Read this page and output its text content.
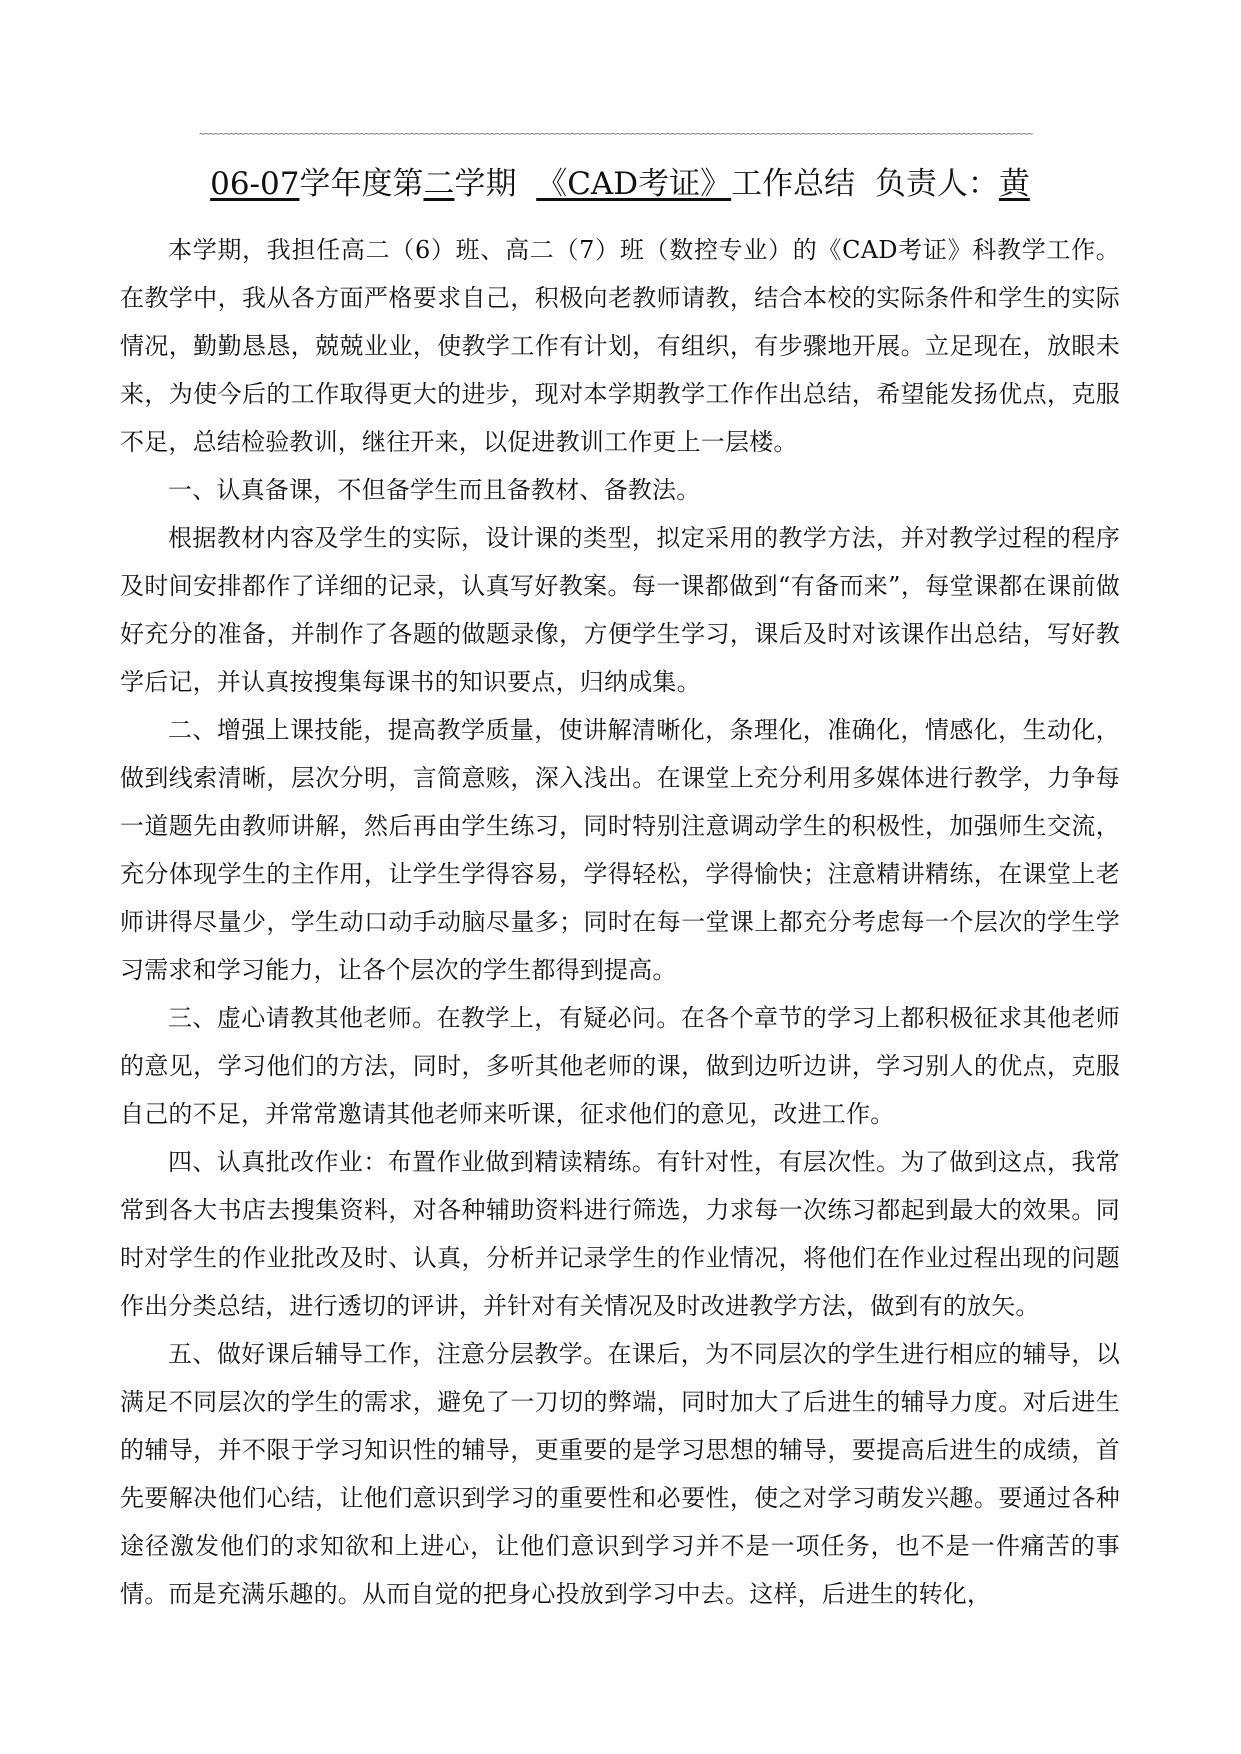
~~~~~~~~~~~~~~~~~~~~~~~~~~~~~~~~~~~~~~~~~~~~~~~~~~~~~~~~~~~~~~~~~~~~~~~~~~~~~~~~~~~~~~~~~~~~~~~~~~~~~~~~~~~~~~~~~~~~~~~~~~~~~~~~~~~~~~~~~~~~~~~~~~~~~~~~~~~~~~~~~~~~~~
06-07学年度第二学期 《CAD考证》工作总结 负责人：黄

本学期，我担任高二（6）班、高二（7）班（数控专业）的《CAD考证》科教学工作。在教学中，我从各方面严格要求自己，积极向老教师请教，结合本校的实际条件和学生的实际情况，勤勤恳恳，兢兢业业，使教学工作有计划，有组织，有步骤地开展。立足现在，放眼未来，为使今后的工作取得更大的进步，现对本学期教学工作作出总结，希望能发扬优点，克服不足，总结检验教训，继往开来，以促进教训工作更上一层楼。

一、认真备课，不但备学生而且备教材、备教法。

根据教材内容及学生的实际，设计课的类型，拟定采用的教学方法，并对教学过程的程序及时间安排都作了详细的记录，认真写好教案。每一课都做到“有备而来”，每堂课都在课前做好充分的准备，并制作了各题的做题录像，方便学生学习，课后及时对该课作出总结，写好教学后记，并认真按搜集每课书的知识要点，归纳成集。

二、增强上课技能，提高教学质量，使讲解清晰化，条理化，准确化，情感化，生动化，做到线索清晰，层次分明，言简意赅，深入浅出。在课堂上充分利用多媒体进行教学，力争每一道题先由教师讲解，然后再由学生练习，同时特别注意调动学生的积极性，加强师生交流，充分体现学生的主作用，让学生学得容易，学得轻松，学得愉快；注意精讲精练，在课堂上老师讲得尽量少，学生动口动手动脑尽量多；同时在每一堂课上都充分考虑每一个层次的学生学习需求和学习能力，让各个层次的学生都得到提高。

三、虚心请教其他老师。在教学上，有疑必问。在各个章节的学习上都积极征求其他老师的意见，学习他们的方法，同时，多听其他老师的课，做到边听边讲，学习别人的优点，克服自己的不足，并常常邀请其他老师来听课，征求他们的意见，改进工作。

四、认真批改作业：布置作业做到精读精练。有针对性，有层次性。为了做到这点，我常常到各大书店去搜集资料，对各种辅助资料进行筛选，力求每一次练习都起到最大的效果。同时对学生的作业批改及时、认真，分析并记录学生的作业情况，将他们在作业过程出现的问题作出分类总结，进行透切的评讲，并针对有关情况及时改进教学方法，做到有的放矢。

五、做好课后辅导工作，注意分层教学。在课后，为不同层次的学生进行相应的辅导，以满足不同层次的学生的需求，避免了一刀切的弊端，同时加大了后进生的辅导力度。对后进生的辅导，并不限于学习知识性的辅导，更重要的是学习思想的辅导，要提高后进生的成绩，首先要解决他们心结，让他们意识到学习的重要性和必要性，使之对学习萌发兴趣。要通过各种途径激发他们的求知欲和上进心，让他们意识到学习并不是一项任务，也不是一件痛苦的事情。而是充满乐趣的。从而自觉的把身心投放到学习中去。这样，后进生的转化，
